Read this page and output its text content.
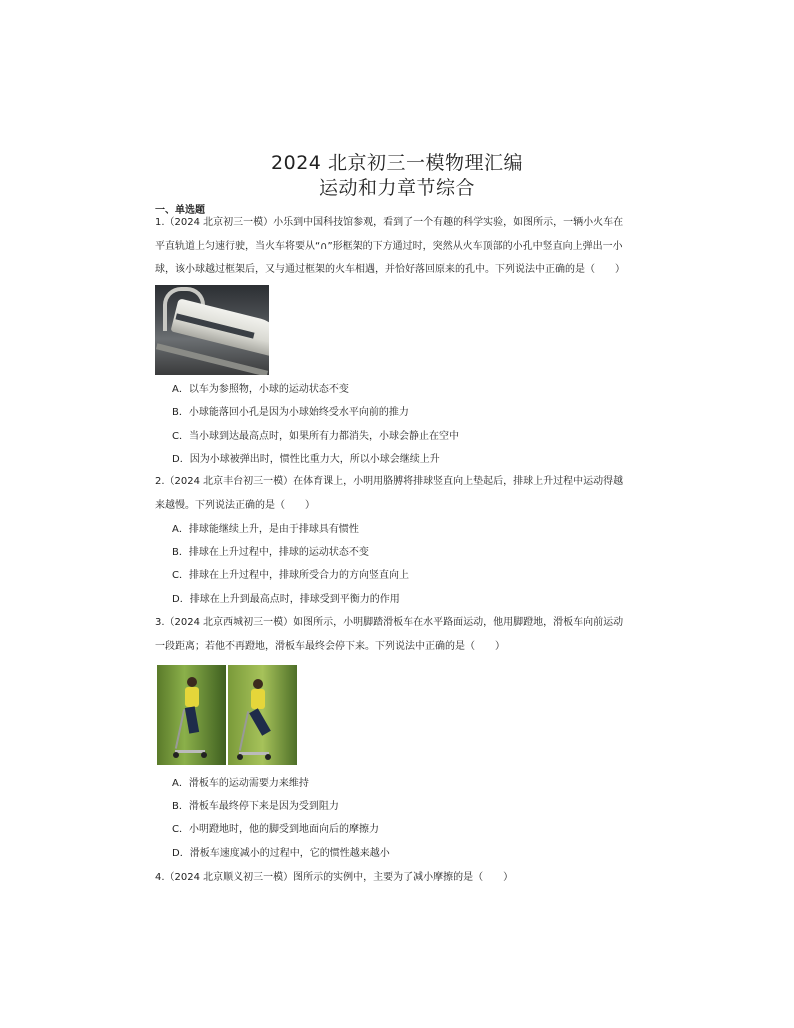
2024 北京初三一模物理汇编
运动和力章节综合
一、单选题
1.（2024 北京初三一模）小乐到中国科技馆参观，看到了一个有趣的科学实验，如图所示，一辆小火车在
平直轨道上匀速行驶，当火车将要从“∩”形框架的下方通过时，突然从火车顶部的小孔中竖直向上弹出一小
球，该小球越过框架后，又与通过框架的火车相遇，并恰好落回原来的孔中。下列说法中正确的是（　　）
A．以车为参照物，小球的运动状态不变
B．小球能落回小孔是因为小球始终受水平向前的推力
C．当小球到达最高点时，如果所有力都消失，小球会静止在空中
D．因为小球被弹出时，惯性比重力大，所以小球会继续上升
2.（2024 北京丰台初三一模）在体育课上，小明用胳膊将排球竖直向上垫起后，排球上升过程中运动得越
来越慢。下列说法正确的是（　　）
A．排球能继续上升，是由于排球具有惯性
B．排球在上升过程中，排球的运动状态不变
C．排球在上升过程中，排球所受合力的方向竖直向上
D．排球在上升到最高点时，排球受到平衡力的作用
3.（2024 北京西城初三一模）如图所示，小明脚踏滑板车在水平路面运动，他用脚蹬地，滑板车向前运动
一段距离；若他不再蹬地，滑板车最终会停下来。下列说法中正确的是（　　）
A．滑板车的运动需要力来维持
B．滑板车最终停下来是因为受到阻力
C．小明蹬地时，他的脚受到地面向后的摩擦力
D．滑板车速度减小的过程中，它的惯性越来越小
4.（2024 北京顺义初三一模）图所示的实例中，主要为了减小摩擦的是（　　）
